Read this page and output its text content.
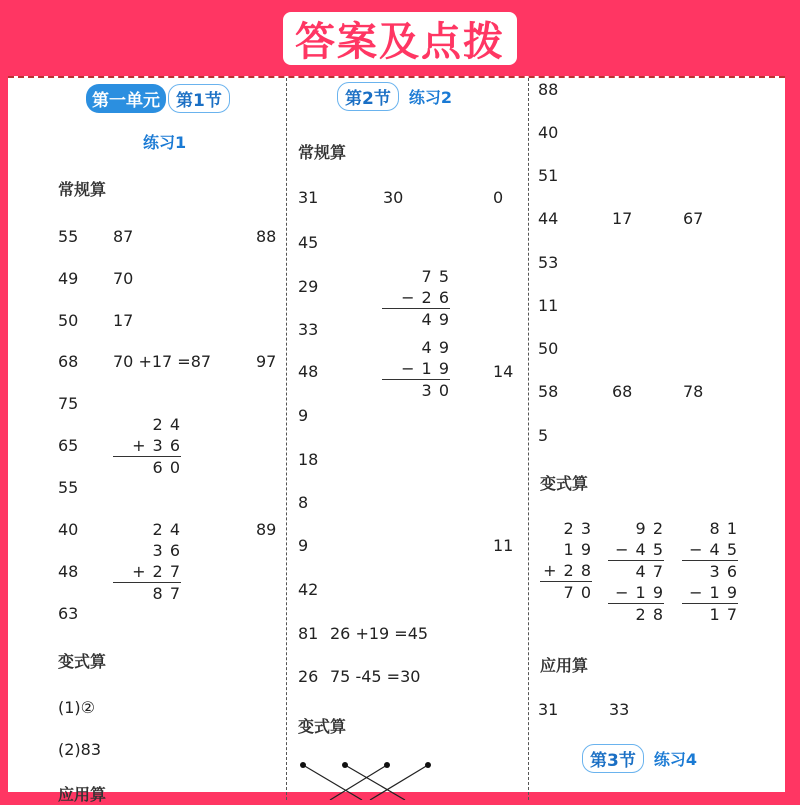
答案及点拨
第一单元 第1节
练习1
常规算
55 87	88
49 70
50 17
68 70 +17 =87	97
75
65
2 4
+ 3 6
6 0
55
40	89
2 4
3 6
+ 2 7
8 7
48
63
变式算
(1)②
(2)83
应用算
第2节	练习2
常规算
31	30	0
45
29
7 5
− 2 6
4 9
33
4 9
− 1 9
3 0
48	14
9
18
8
9	11
42
81 26 +19 =45
26 75 -45 =30
变式算
88
40
51
44	17	67
53
11
50
58	68	78
5
变式算
2 3
1 9
+ 2 8
7 0
9 2
− 4 5
4 7
− 1 9
2 8
8 1
− 4 5
3 6
− 1 9
1 7
应用算
31	33
第3节	练习4
